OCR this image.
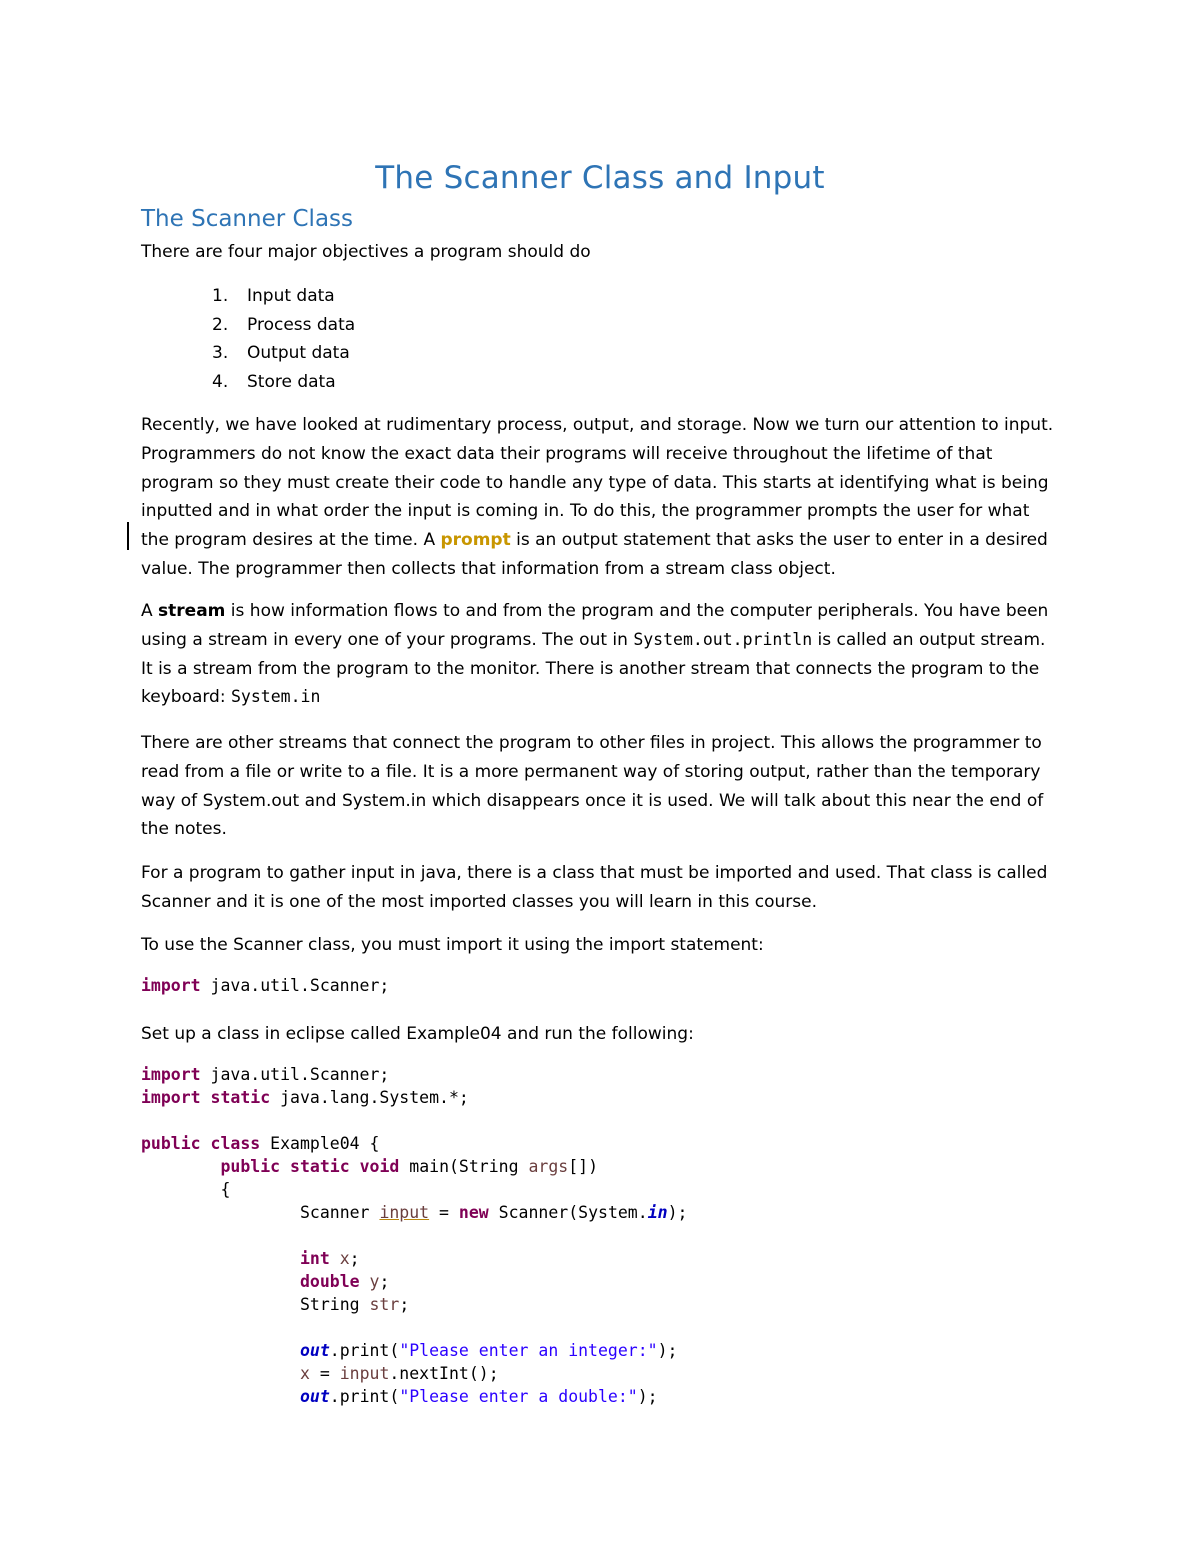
The Scanner Class and Input
The Scanner Class
There are four major objectives a program should do
1. Input data
2. Process data
3. Output data
4. Store data
Recently, we have looked at rudimentary process, output, and storage. Now we turn our attention to input. Programmers do not know the exact data their programs will receive throughout the lifetime of that program so they must create their code to handle any type of data. This starts at identifying what is being inputted and in what order the input is coming in. To do this, the programmer prompts the user for what the program desires at the time. A prompt is an output statement that asks the user to enter in a desired value. The programmer then collects that information from a stream class object.
A stream is how information flows to and from the program and the computer peripherals. You have been using a stream in every one of your programs. The out in System.out.println is called an output stream. It is a stream from the program to the monitor. There is another stream that connects the program to the keyboard: System.in
There are other streams that connect the program to other files in project. This allows the programmer to read from a file or write to a file. It is a more permanent way of storing output, rather than the temporary way of System.out and System.in which disappears once it is used. We will talk about this near the end of the notes.
For a program to gather input in java, there is a class that must be imported and used. That class is called Scanner and it is one of the most imported classes you will learn in this course.
To use the Scanner class, you must import it using the import statement:
import java.util.Scanner;
Set up a class in eclipse called Example04 and run the following:
import java.util.Scanner;
import static java.lang.System.*;

public class Example04 {
public static void main(String args[])
{
Scanner input = new Scanner(System.in);

int x;
double y;
String str;

out.print("Please enter an integer:");
x = input.nextInt();
out.print("Please enter a double:");
